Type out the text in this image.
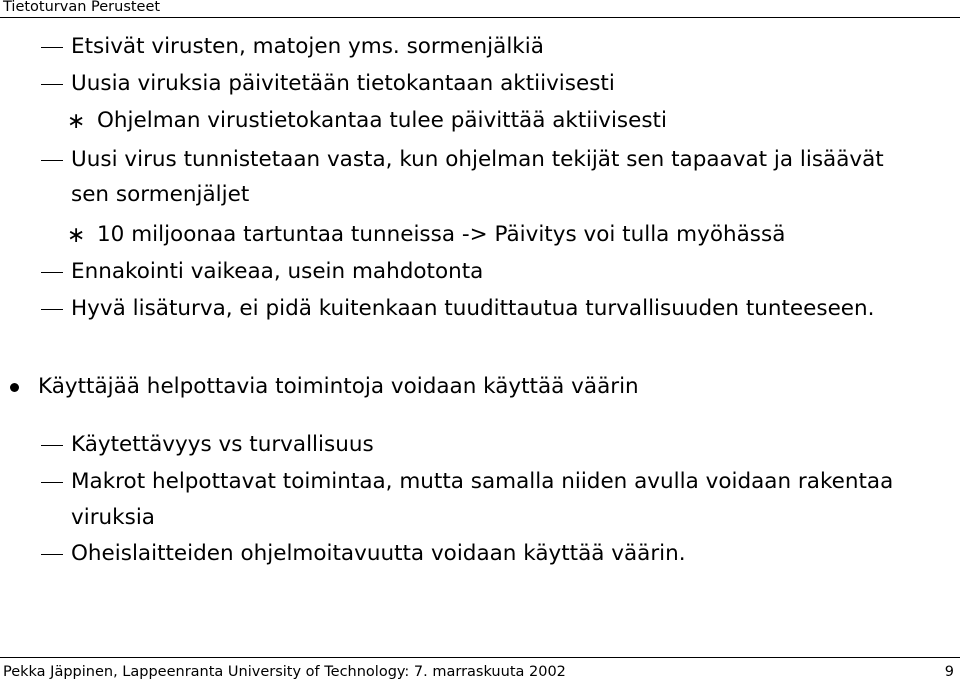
Tietoturvan Perusteet
Etsivät virusten, matojen yms. sormenjälkiä
Uusia viruksia päivitetään tietokantaan aktiivisesti
∗ Ohjelman virustietokantaa tulee päivittää aktiivisesti
Uusi virus tunnistetaan vasta, kun ohjelman tekijät sen tapaavat ja lisäävät
sen sormenjäljet
∗ 10 miljoonaa tartuntaa tunneissa -> Päivitys voi tulla myöhässä
Ennakointi vaikeaa, usein mahdotonta
Hyvä lisäturva, ei pidä kuitenkaan tuudittautua turvallisuuden tunteeseen.
Käyttäjää helpottavia toimintoja voidaan käyttää väärin
Käytettävyys vs turvallisuus
Makrot helpottavat toimintaa, mutta samalla niiden avulla voidaan rakentaa
viruksia
Oheislaitteiden ohjelmoitavuutta voidaan käyttää väärin.
Pekka Jäppinen, Lappeenranta University of Technology: 7. marraskuuta 2002	9
